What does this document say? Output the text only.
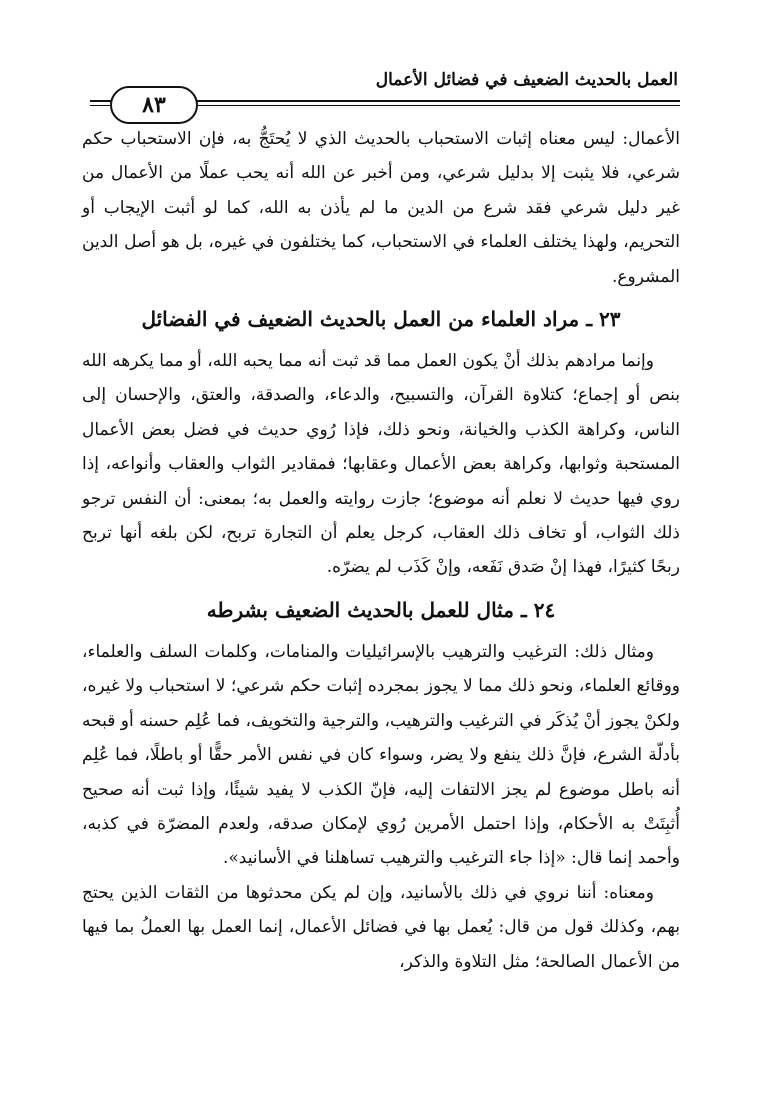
العمل بالحديث الضعيف في فضائل الأعمال
٨٣

الأعمال: ليس معناه إثبات الاستحباب بالحديث الذي لا يُحتَجُّ به، فإن الاستحباب حكم شرعي، فلا يثبت إلا بدليل شرعي، ومن أخبر عن الله أنه يحب عملًا من الأعمال من غير دليل شرعي فقد شرع من الدين ما لم يأذن به الله، كما لو أثبت الإيجاب أو التحريم، ولهذا يختلف العلماء في الاستحباب، كما يختلفون في غيره، بل هو أصل الدين المشروع.

٢٣ ـ مراد العلماء من العمل بالحديث الضعيف في الفضائل

وإنما مرادهم بذلك أنْ يكون العمل مما قد ثبت أنه مما يحبه الله، أو مما يكرهه الله بنص أو إجماع؛ كتلاوة القرآن، والتسبيح، والدعاء، والصدقة، والعتق، والإحسان إلى الناس، وكراهة الكذب والخيانة، ونحو ذلك، فإذا رُوي حديث في فضل بعض الأعمال المستحبة وثوابها، وكراهة بعض الأعمال وعقابها؛ فمقادير الثواب والعقاب وأنواعه، إذا روي فيها حديث لا نعلم أنه موضوع؛ جازت روايته والعمل به؛ بمعنى: أن النفس ترجو ذلك الثواب، أو تخاف ذلك العقاب، كرجل يعلم أن التجارة تربح، لكن بلغه أنها تربح ربحًا كثيرًا، فهذا إنْ صَدق نَفَعه، وإنْ كَذَب لم يضرّه.

٢٤ ـ مثال للعمل بالحديث الضعيف بشرطه

ومثال ذلك: الترغيب والترهيب بالإسرائيليات والمنامات، وكلمات السلف والعلماء، ووقائع العلماء، ونحو ذلك مما لا يجوز بمجرده إثبات حكم شرعي؛ لا استحباب ولا غيره، ولكنْ يجوز أنْ يُذكَر في الترغيب والترهيب، والترجية والتخويف، فما عُلِم حسنه أو قبحه بأدلّة الشرع، فإنَّ ذلك ينفع ولا يضر، وسواء كان في نفس الأمر حقًّا أو باطلًا، فما عُلِم أنه باطل موضوع لم يجز الالتفات إليه، فإنّ الكذب لا يفيد شيئًا، وإذا ثبت أنه صحيح أُثبِتَتْ به الأحكام، وإذا احتمل الأمرين رُوي لإمكان صدقه، ولعدم المضرّة في كذبه، وأحمد إنما قال: «إذا جاء الترغيب والترهيب تساهلنا في الأسانيد».

ومعناه: أننا نروي في ذلك بالأسانيد، وإن لم يكن محدثوها من الثقات الذين يحتج بهم، وكذلك قول من قال: يُعمل بها في فضائل الأعمال، إنما العمل بها العملُ بما فيها من الأعمال الصالحة؛ مثل التلاوة والذكر،
